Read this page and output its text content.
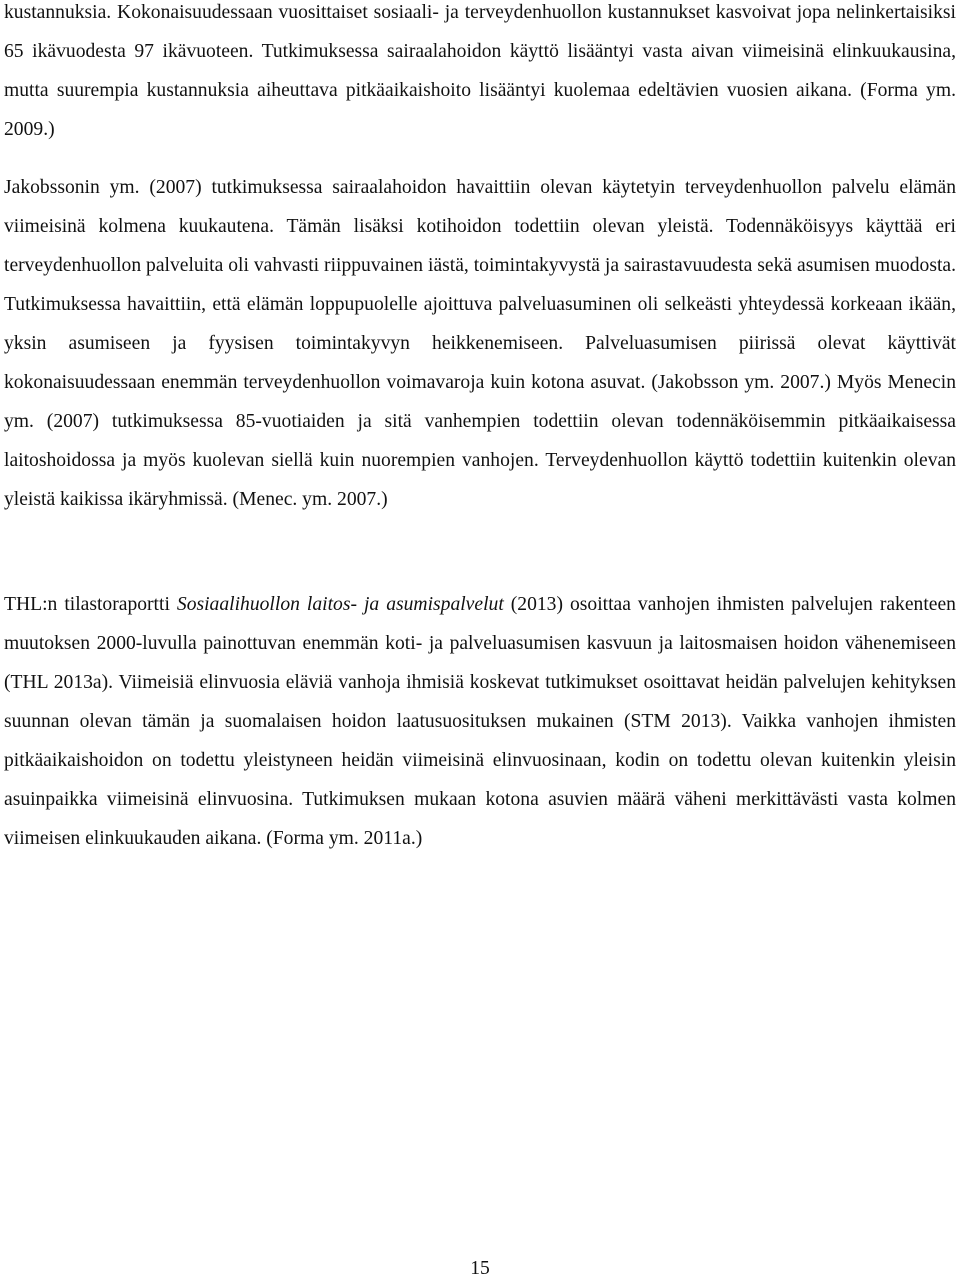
kustannuksia. Kokonaisuudessaan vuosittaiset sosiaali- ja terveydenhuollon kustannukset kasvoivat jopa nelinkertaisiksi 65 ikävuodesta 97 ikävuoteen. Tutkimuksessa sairaalahoidon käyttö lisääntyi vasta aivan viimeisinä elinkuukausina, mutta suurempia kustannuksia aiheuttava pitkäaikaishoito lisääntyi kuolemaa edeltävien vuosien aikana. (Forma ym. 2009.)

Jakobssonin ym. (2007) tutkimuksessa sairaalahoidon havaittiin olevan käytetyin terveydenhuollon palvelu elämän viimeisinä kolmena kuukautena. Tämän lisäksi kotihoidon todettiin olevan yleistä. Todennäköisyys käyttää eri terveydenhuollon palveluita oli vahvasti riippuvainen iästä, toimintakyvystä ja sairastavuudesta sekä asumisen muodosta. Tutkimuksessa havaittiin, että elämän loppupuolelle ajoittuva palveluasuminen oli selkeästi yhteydessä korkeaan ikään, yksin asumiseen ja fyysisen toimintakyvyn heikkenemiseen. Palveluasumisen piirissä olevat käyttivät kokonaisuudessaan enemmän terveydenhuollon voimavaroja kuin kotona asuvat. (Jakobsson ym. 2007.) Myös Menecin ym. (2007) tutkimuksessa 85-vuotiaiden ja sitä vanhempien todettiin olevan todennäköisemmin pitkäaikaisessa laitoshoidossa ja myös kuolevan siellä kuin nuorempien vanhojen. Terveydenhuollon käyttö todettiin kuitenkin olevan yleistä kaikissa ikäryhmissä. (Menec. ym. 2007.)

THL:n tilastoraportti Sosiaalihuollon laitos- ja asumispalvelut (2013) osoittaa vanhojen ihmisten palvelujen rakenteen muutoksen 2000-luvulla painottuvan enemmän koti- ja palveluasumisen kasvuun ja laitosmaisen hoidon vähenemiseen (THL 2013a). Viimeisiä elinvuosia eläviä vanhoja ihmisiä koskevat tutkimukset osoittavat heidän palvelujen kehityksen suunnan olevan tämän ja suomalaisen hoidon laatusuosituksen mukainen (STM 2013). Vaikka vanhojen ihmisten pitkäaikaishoidon on todettu yleistyneen heidän viimeisinä elinvuosinaan, kodin on todettu olevan kuitenkin yleisin asuinpaikka viimeisinä elinvuosina. Tutkimuksen mukaan kotona asuvien määrä väheni merkittävästi vasta kolmen viimeisen elinkuukauden aikana. (Forma ym. 2011a.)

15
